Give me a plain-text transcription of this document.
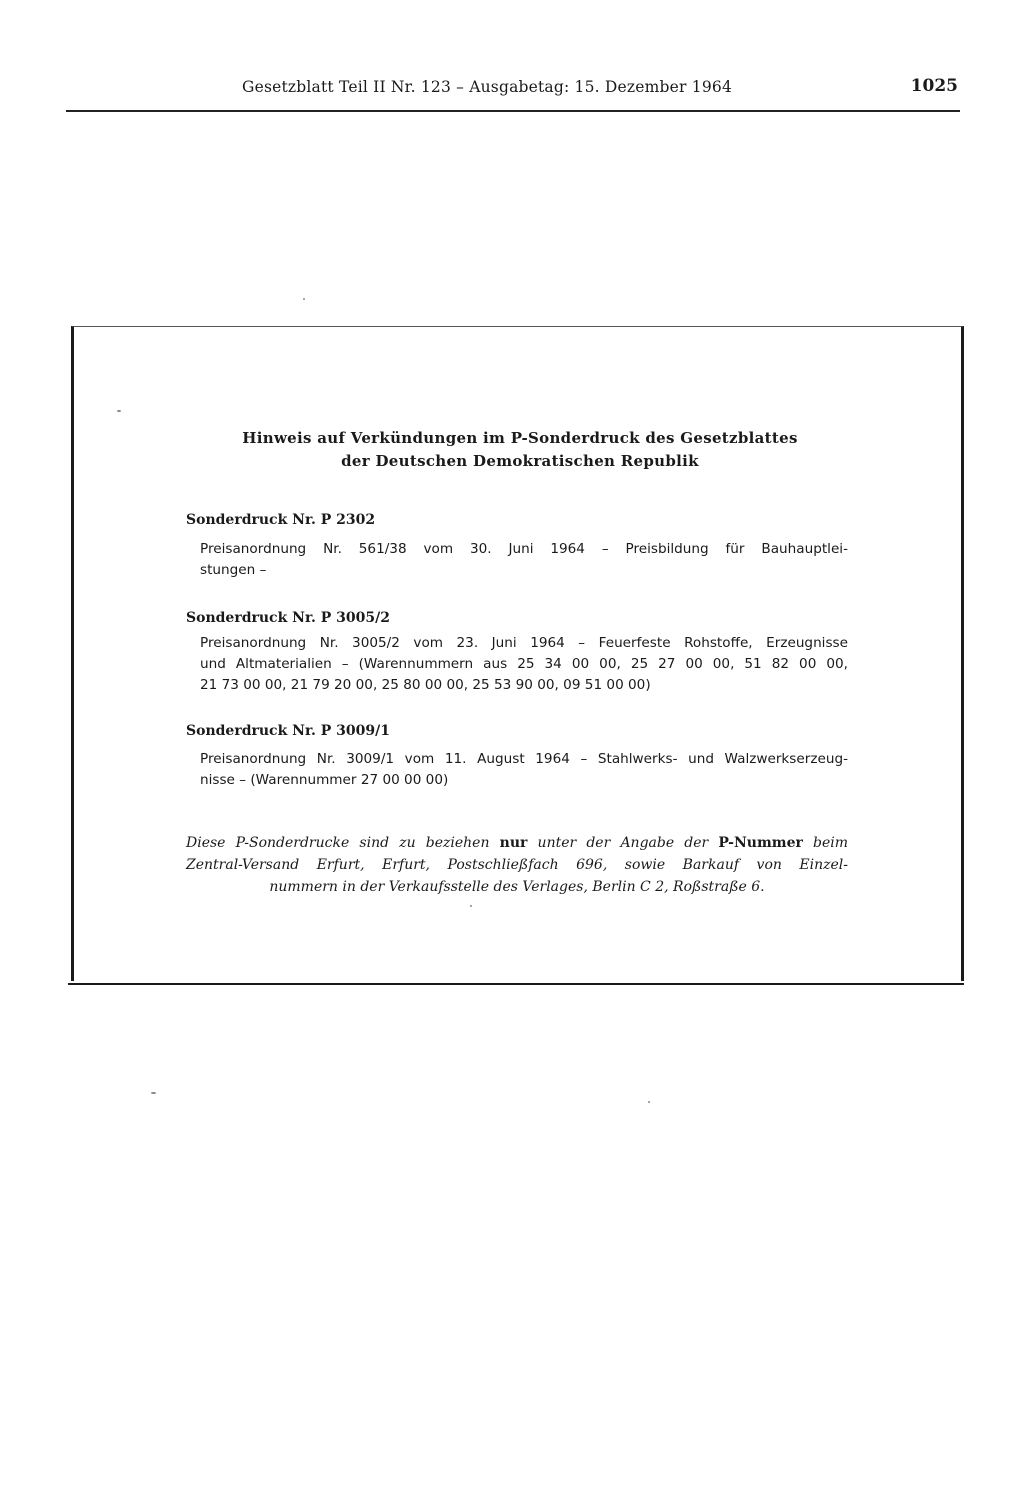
Gesetzblatt Teil II Nr. 123 – Ausgabetag: 15. Dezember 1964	1025
Hinweis auf Verkündungen im P-Sonderdruck des Gesetzblattes
der Deutschen Demokratischen Republik
Sonderdruck Nr. P 2302
Preisanordnung Nr. 561/38 vom 30. Juni 1964 – Preisbildung für Bauhauptlei-
stungen –
Sonderdruck Nr. P 3005/2
Preisanordnung Nr. 3005/2 vom 23. Juni 1964 – Feuerfeste Rohstoffe, Erzeugnisse
und Altmaterialien – (Warennummern aus 25 34 00 00, 25 27 00 00, 51 82 00 00,
21 73 00 00, 21 79 20 00, 25 80 00 00, 25 53 90 00, 09 51 00 00)
Sonderdruck Nr. P 3009/1
Preisanordnung Nr. 3009/1 vom 11. August 1964 – Stahlwerks- und Walzwerkserzeug-
nisse – (Warennummer 27 00 00 00)
Diese P-Sonderdrucke sind zu beziehen nur unter der Angabe der P-Nummer beim
Zentral-Versand Erfurt, Erfurt, Postschließfach 696, sowie Barkauf von Einzel-
nummern in der Verkaufsstelle des Verlages, Berlin C 2, Roßstraße 6.
